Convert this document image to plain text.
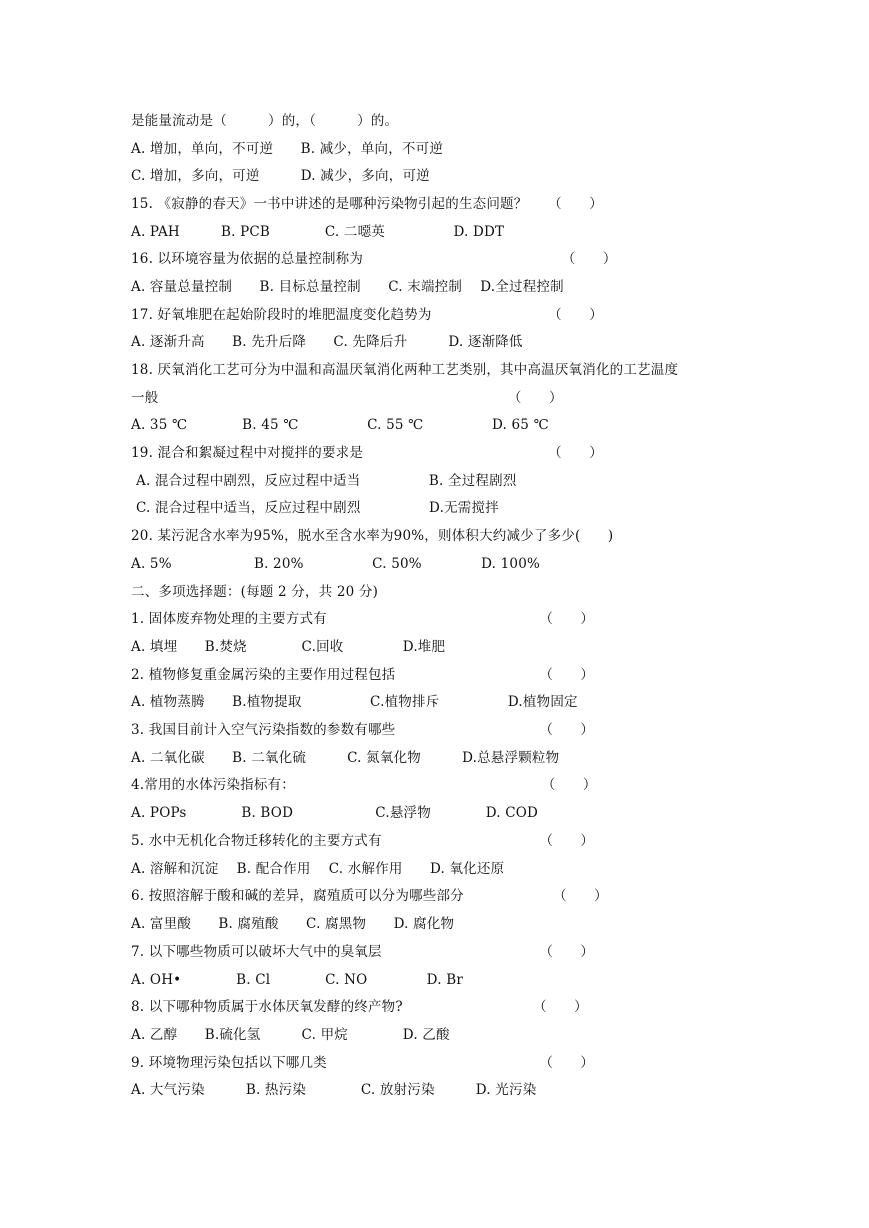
是能量流动是（　　　）的，（　　　）的。
A. 增加，单向，不可逆　　B. 减少，单向，不可逆
C. 增加，多向，可逆　　　D. 减少，多向，可逆
15. 《寂静的春天》一书中讲述的是哪种污染物引起的生态问题？　　（　　）
A. PAH　　　B. PCB　　　　C. 二噁英　　　　　D. DDT
16. 以环境容量为依据的总量控制称为　　　　　　　　　　　　　　　（　　）
A. 容量总量控制　　B. 目标总量控制　　C. 末端控制　 D.全过程控制
17. 好氧堆肥在起始阶段时的堆肥温度变化趋势为　　　　　　　　　（　　）
A. 逐渐升高　　B. 先升后降　　C. 先降后升　　　D. 逐渐降低
18. 厌氧消化工艺可分为中温和高温厌氧消化两种工艺类别，其中高温厌氧消化的工艺温度
一般　　　　　　　　　　　　　　　　　　　　　　　　　　（　　）
A. 35 ℃　　　　B. 45 ℃　　　　　C. 55 ℃　　　　　D. 65 ℃
19. 混合和絮凝过程中对搅拌的要求是　　　　　　　　　　　　　　（　　）
A. 混合过程中剧烈，反应过程中适当　　　　　B. 全过程剧烈
C. 混合过程中适当，反应过程中剧烈　　　　　D.无需搅拌
20. 某污泥含水率为95%，脱水至含水率为90%，则体积大约减少了多少(　　)
A. 5%　　　　　　B. 20%　　　　　C. 50%　　　　 D. 100%
二、多项选择题：(每题 2 分，共 20 分)
1. 固体废弃物处理的主要方式有　　　　　　　　　　　　　　　　（　　）
A. 填埋　　B.焚烧　　　　C.回收　　　　 D.堆肥
2. 植物修复重金属污染的主要作用过程包括　　　　　　　　　　　（　　）
A. 植物蒸腾　　B.植物提取　　　　　C.植物排斥　　　　　D.植物固定
3. 我国目前计入空气污染指数的参数有哪些　　　　　　　　　　　（　　）
A. 二氧化碳　　B. 二氧化硫　　　C. 氮氧化物　　　D.总悬浮颗粒物
4.常用的水体污染指标有：　　　　　　　　　　　　　　　　　　　（　　）
A. POPs　　　　B. BOD　　　　　　C.悬浮物　　　　D. COD
5. 水中无机化合物迁移转化的主要方式有　　　　　　　　　　　　（　　）
A. 溶解和沉淀　 B. 配合作用　 C. 水解作用　　D. 氧化还原
6. 按照溶解于酸和碱的差异，腐殖质可以分为哪些部分　　　　　　　（　　）
A. 富里酸　　B. 腐殖酸　　C. 腐黑物　　D. 腐化物
7. 以下哪些物质可以破坏大气中的臭氧层　　　　　　　　　　　　（　　）
A. OH•　　　　B. Cl　　　　C. NO　　　　 D. Br
8. 以下哪种物质属于水体厌氧发酵的终产物?　　　　　　　　　　（　　）
A. 乙醇　　B.硫化氢　　　C. 甲烷　　　　D. 乙酸
9. 环境物理污染包括以下哪几类　　　　　　　　　　　　　　　　（　　）
A. 大气污染　　　B. 热污染　　　　C. 放射污染　　　D. 光污染
